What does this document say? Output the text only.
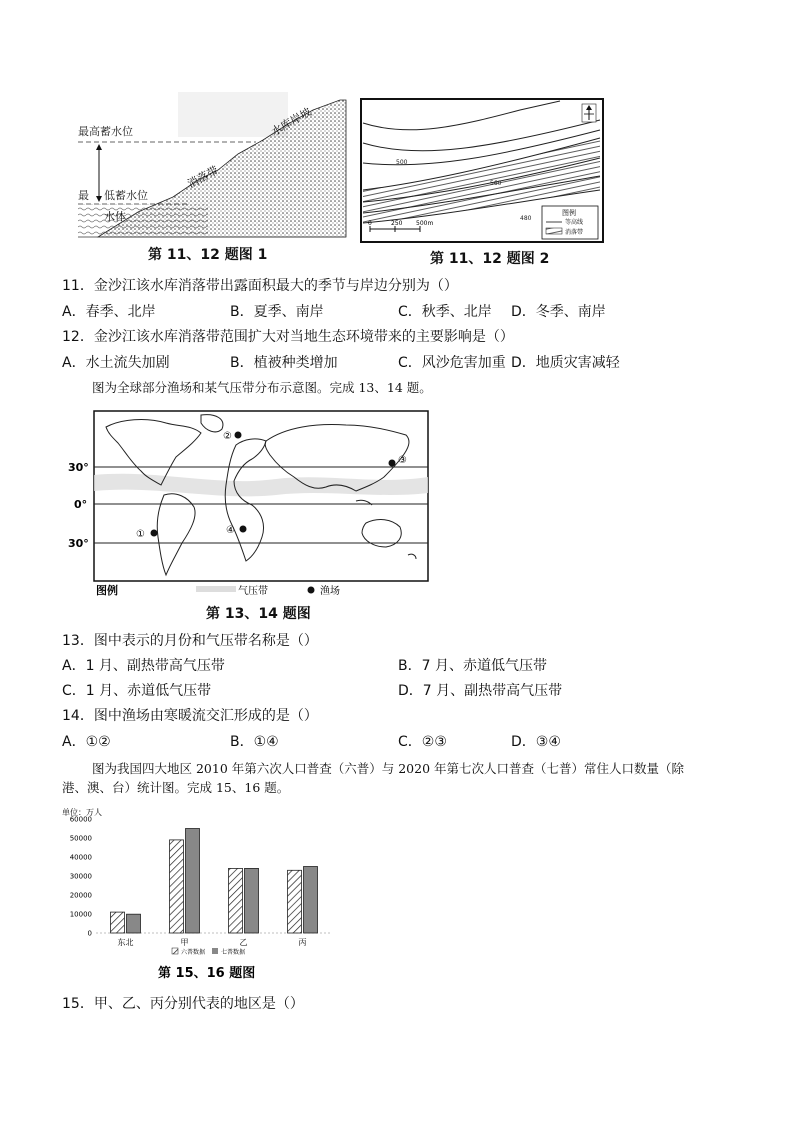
最高蓄水位
最 低蓄水位
水体
消落带
水库岸坡
第 11、12 题图 1
500
560
480
0	250 500m
图例
等高线
消落带
第 11、12 题图 2
11．金沙江该水库消落带出露面积最大的季节与岸边分别为（）
A．春季、北岸	B．夏季、南岸	C．秋季、北岸 D．冬季、南岸
12．金沙江该水库消落带范围扩大对当地生态环境带来的主要影响是（）
A．水土流失加剧	B．植被种类增加	C．风沙危害加重 D．地质灾害减轻
图为全球部分渔场和某气压带分布示意图。完成 13、14 题。
30°
0°
30°
①
②
③
④
图例	气压带	渔场
第 13、14 题图
13．图中表示的月份和气压带名称是（）
A．1 月、副热带高气压带	B．7 月、赤道低气压带
C．1 月、赤道低气压带	D．7 月、副热带高气压带
14．图中渔场由寒暖流交汇形成的是（）
A．①②	B．①④	C．②③	D．③④
图为我国四大地区 2010 年第六次人口普查（六普）与 2020 年第七次人口普查（七普）常住人口数量（除
港、澳、台）统计图。完成 15、16 题。
单位：万人
0
10000
20000
30000
40000
50000
60000
东北	甲	乙	丙
六普数据	七普数据
第 15、16 题图
15．甲、乙、丙分别代表的地区是（）
